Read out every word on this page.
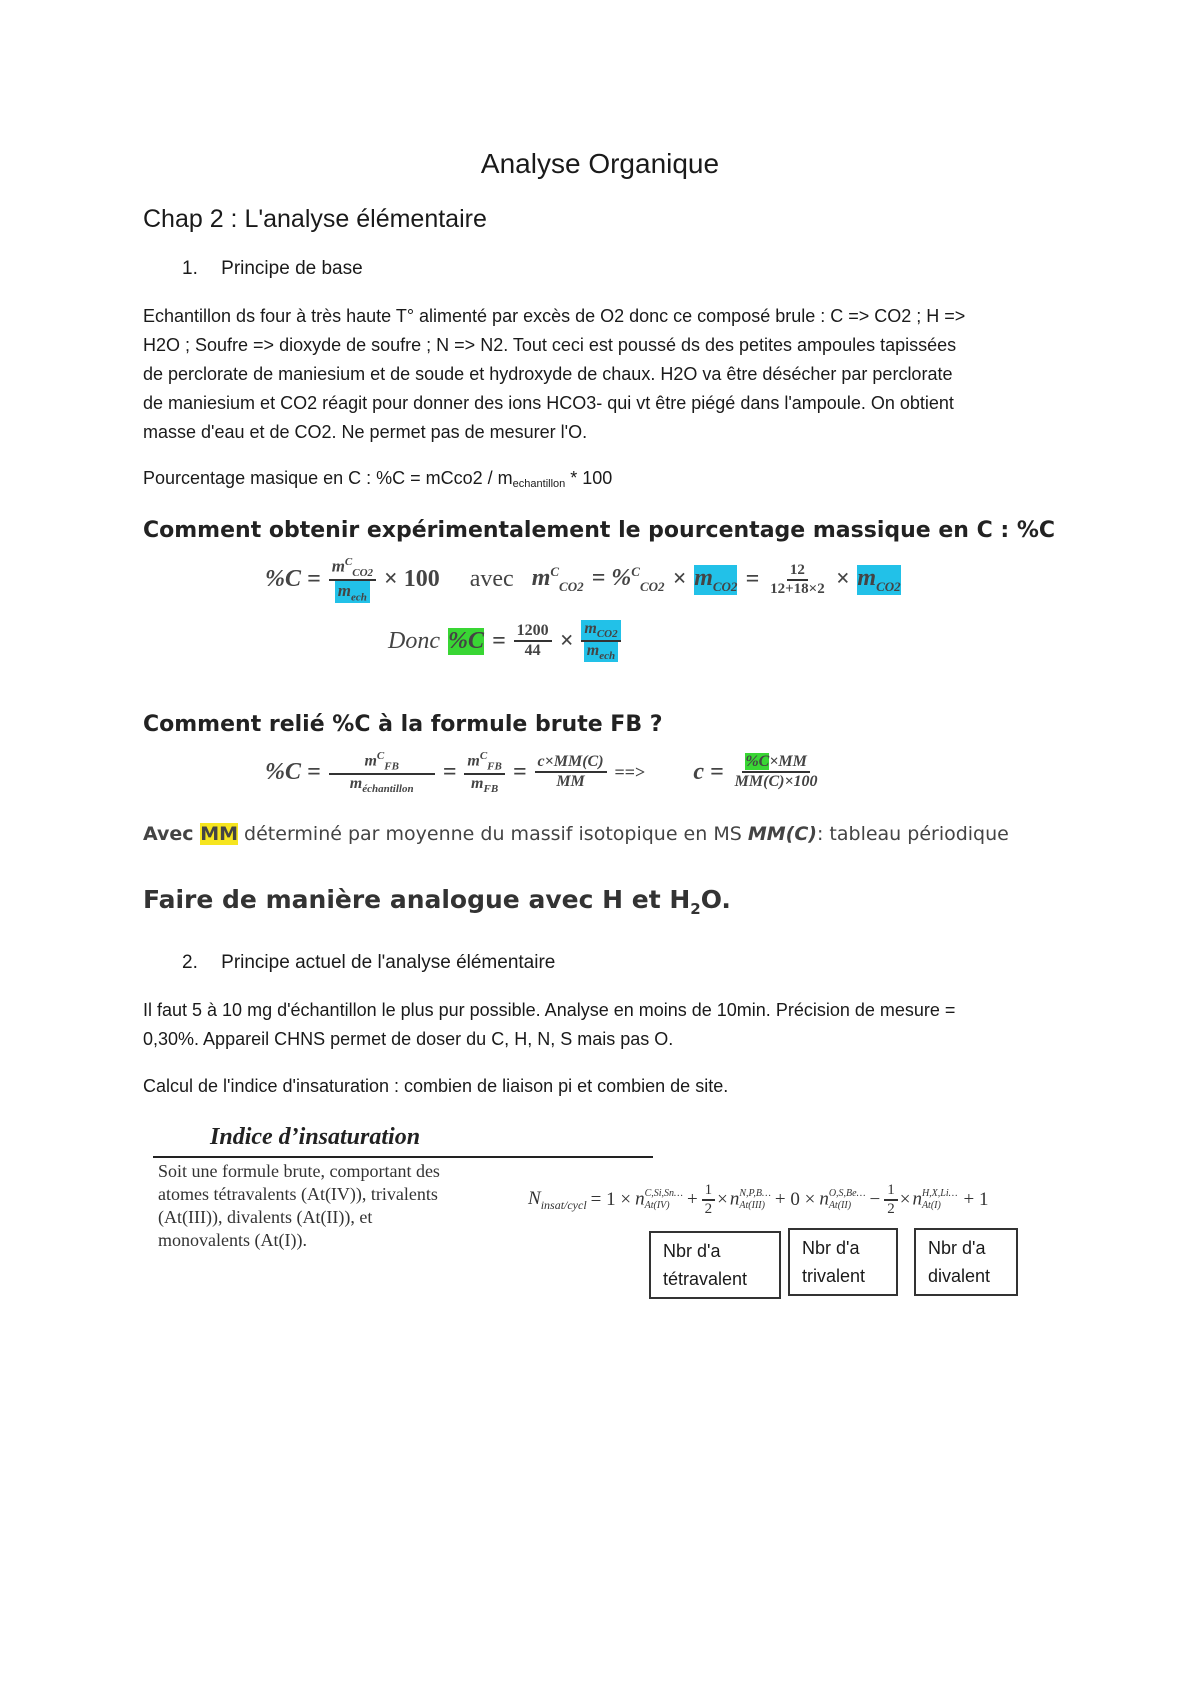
Analyse Organique
Chap 2 : L'analyse élémentaire
1. Principe de base
Echantillon ds four à très haute T° alimenté par excès de O2 donc ce composé brule : C => CO2 ; H =>
H2O ; Soufre => dioxyde de soufre ; N => N2. Tout ceci est poussé ds des petites ampoules tapissées
de perclorate de maniesium et de soude et hydroxyde de chaux. H2O va être désécher par perclorate
de maniesium et CO2 réagit pour donner des ions HCO3- qui vt être piégé dans l'ampoule. On obtient
masse d'eau et de CO2. Ne permet pas de mesurer l'O.
Pourcentage masique en C : %C = mCco2 / $m_{echantillon} * 100$
Comment obtenir expérimentalement le pourcentage massique en C : %C
$\%C = \frac{m^C_{CO2}}{m_{ech}} \times 100$ avec $m^C_{CO2} = \%^C_{CO2} \times m_{CO2} = \frac{12}{12+18\times 2} \times m_{CO2}$
Donc $\%C = \frac{1200}{44} \times \frac{m_{CO2}}{m_{ech}}$
Comment relié %C à la formule brute FB ?
$\%C = \frac{m^C_{FB}}{m_{échantillon}} = \frac{m^C_{FB}}{m_{FB}} = \frac{c\times MM(C)}{MM}$ ==> $c = \frac{\%C\times MM}{MM(C)\times 100}$
Avec MM déterminé par moyenne du massif isotopique en MS MM(C): tableau périodique
Faire de manière analogue avec H et $H_2O$.
2. Principe actuel de l'analyse élémentaire
Il faut 5 à 10 mg d'échantillon le plus pur possible. Analyse en moins de 10min. Précision de mesure =
0,30%. Appareil CHNS permet de doser du C, H, N, S mais pas O.
Calcul de l'indice d'insaturation : combien de liaison pi et combien de site.
Indice d’insaturation
Soit une formule brute, comportant des
atomes tétravalents (At(IV)), trivalents
(At(III)), divalents (At(II)), et
monovalents (At(I)).
$N_{insat/cycl} = 1 \times n$ C,Si,Sn…
$At(IV) + \frac{1}{2} \times n$ N,P,B…
At(III) + 0 × n O,S,Be…
$At(II) - \frac{1}{2} \times n$ H,X,Li…
At(I)	+ 1
Nbr d'a
tétravalent
Nbr d'a
trivalent
Nbr d'a
divalent
